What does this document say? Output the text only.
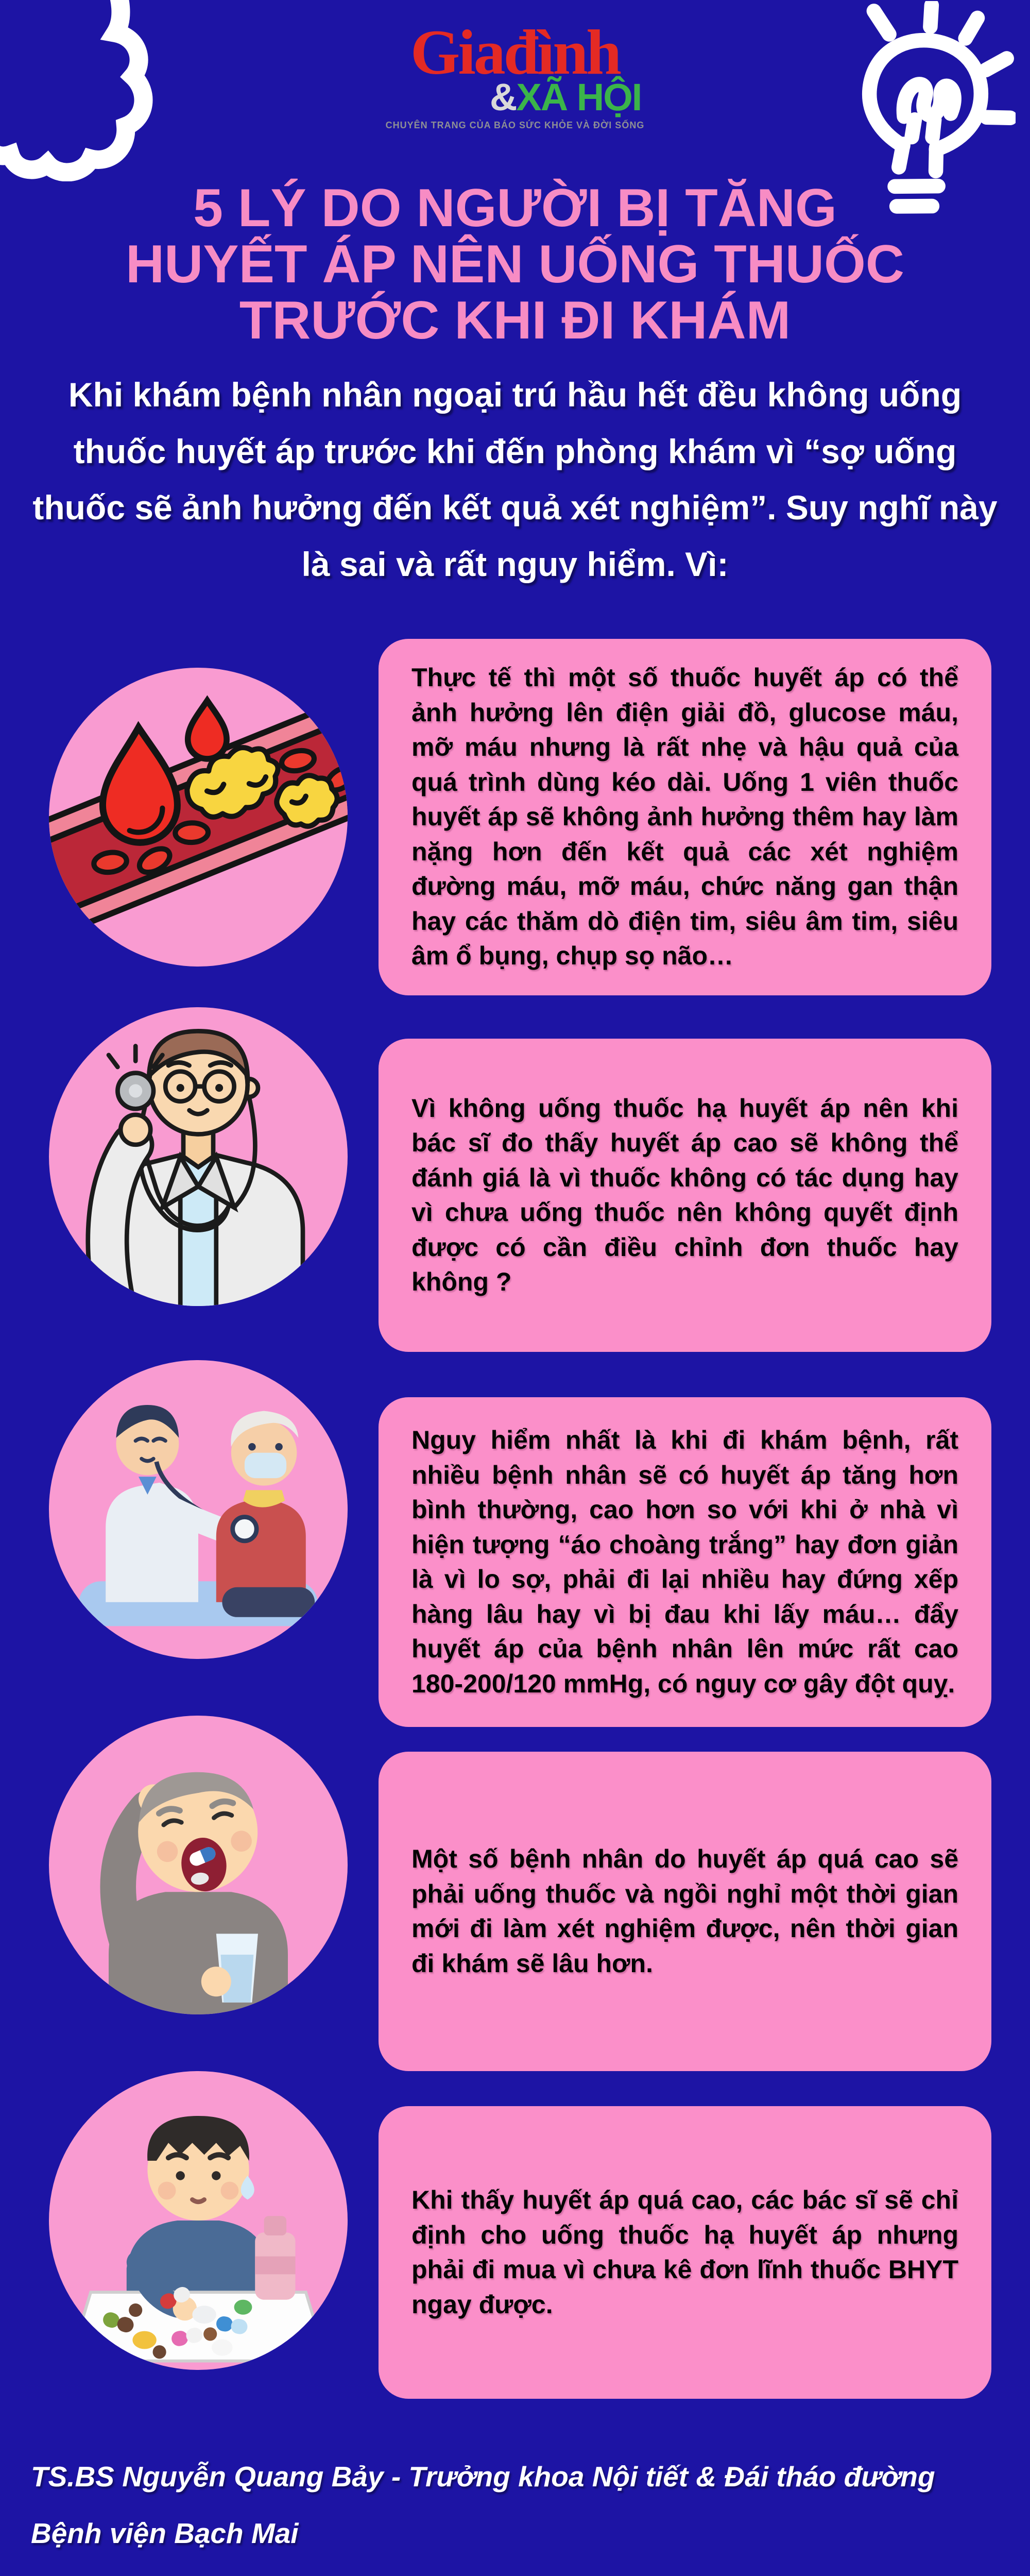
Giađình
&XÃ HỘI
CHUYÊN TRANG CỦA BÁO SỨC KHỎE VÀ ĐỜI SỐNG
5 LÝ DO NGƯỜI BỊ TĂNG
HUYẾT ÁP NÊN UỐNG THUỐC
TRƯỚC KHI ĐI KHÁM

Khi khám bệnh nhân ngoại trú hầu hết đều không uống thuốc huyết áp trước khi đến phòng khám vì “sợ uống thuốc sẽ ảnh hưởng đến kết quả xét nghiệm”. Suy nghĩ này là sai và rất nguy hiểm. Vì:

Thực tế thì một số thuốc huyết áp có thể ảnh hưởng lên điện giải đồ, glucose máu, mỡ máu nhưng là rất nhẹ và hậu quả của quá trình dùng kéo dài. Uống 1 viên thuốc huyết áp sẽ không ảnh hưởng thêm hay làm nặng hơn đến kết quả các xét nghiệm đường máu, mỡ máu, chức năng gan thận hay các thăm dò điện tim, siêu âm tim, siêu âm ổ bụng, chụp sọ não…

Vì không uống thuốc hạ huyết áp nên khi bác sĩ đo thấy huyết áp cao sẽ không thể đánh giá là vì thuốc không có tác dụng hay vì chưa uống thuốc nên không quyết định được có cần điều chỉnh đơn thuốc hay không ?

Nguy hiểm nhất là khi đi khám bệnh, rất nhiều bệnh nhân sẽ có huyết áp tăng hơn bình thường, cao hơn so với khi ở nhà vì hiện tượng “áo choàng trắng” hay đơn giản là vì lo sợ, phải đi lại nhiều hay đứng xếp hàng lâu hay vì bị đau khi lấy máu… đẩy huyết áp của bệnh nhân lên mức rất cao 180-200/120 mmHg, có nguy cơ gây đột quỵ.

Một số bệnh nhân do huyết áp quá cao sẽ phải uống thuốc và ngồi nghỉ một thời gian mới đi làm xét nghiệm được, nên thời gian đi khám sẽ lâu hơn.

Khi thấy huyết áp quá cao, các bác sĩ sẽ chỉ định cho uống thuốc hạ huyết áp nhưng phải đi mua vì chưa kê đơn lĩnh thuốc BHYT ngay được.

TS.BS Nguyễn Quang Bảy - Trưởng khoa Nội tiết & Đái tháo đường
Bệnh viện Bạch Mai
